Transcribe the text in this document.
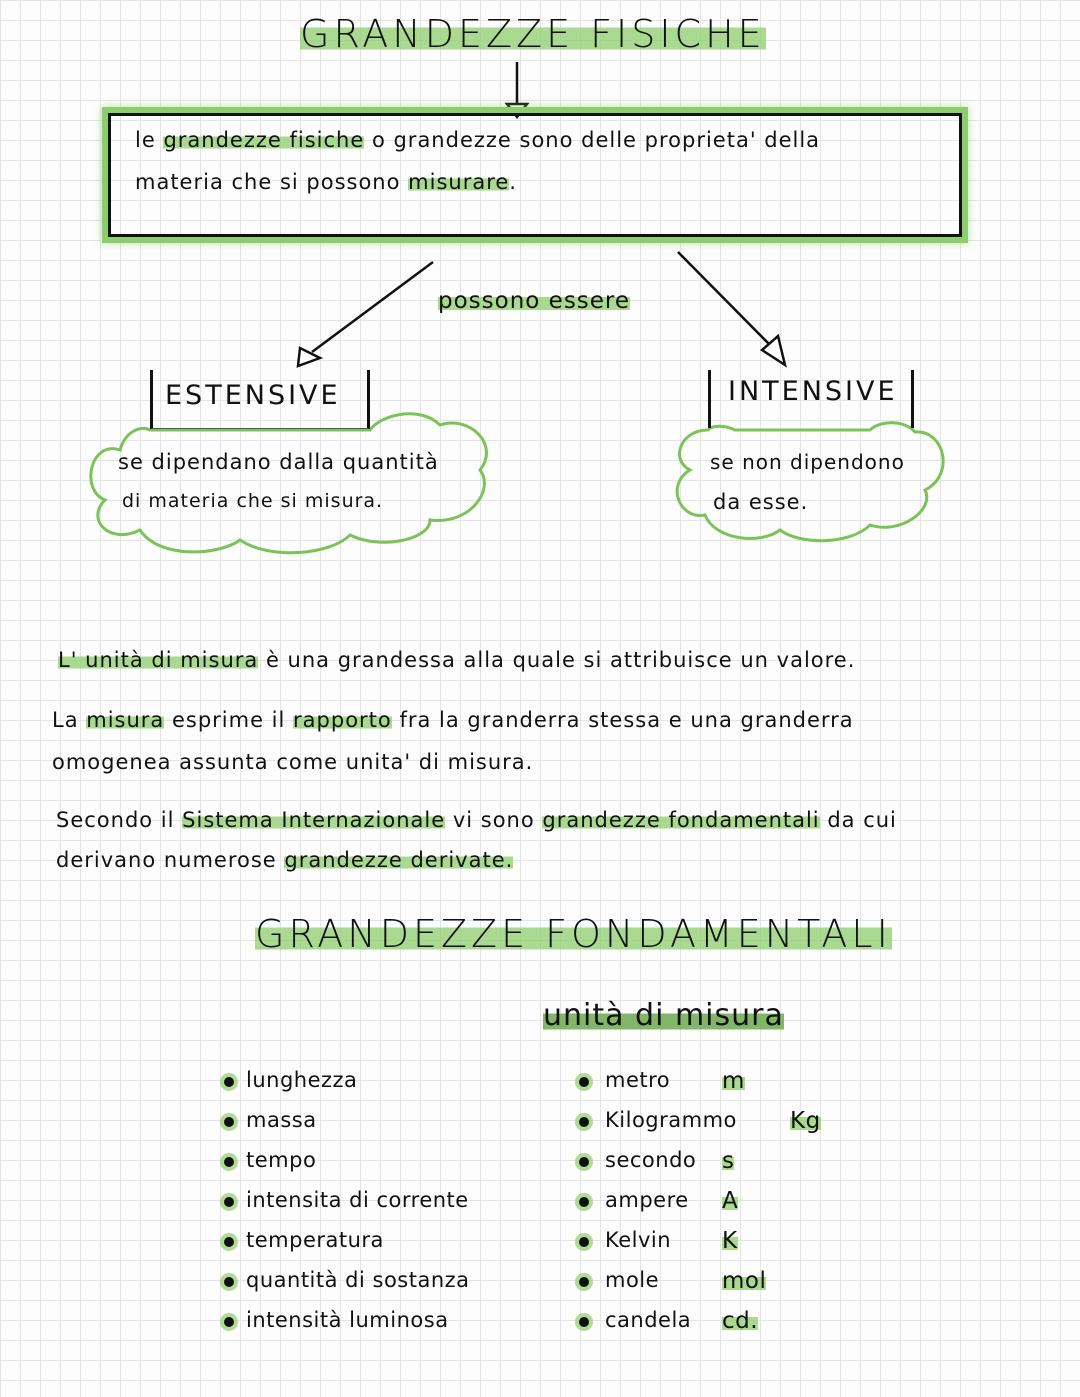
GRANDEZZE FISICHE
le grandezze fisiche o grandezze sono delle proprieta' della
materia che si possono misurare.
possono essere
ESTENSIVE
se dipendano dalla quantità
di materia che si misura.
INTENSIVE
se non dipendono
da esse.
L' unità di misura è una grandessa alla quale si attribuisce un valore.
La misura esprime il rapporto fra la granderra stessa e una granderra
omogenea assunta come unita' di misura.
Secondo il Sistema Internazionale vi sono grandezze fondamentali da cui
derivano numerose grandezze derivate.
GRANDEZZE FONDAMENTALI
unità di misura
lunghezza
massa
tempo
intensita di corrente
temperatura
quantità di sostanza
intensità luminosa
metro m
Kilogrammo Kg
secondo s
ampere A
Kelvin K
mole	mol
candela cd.
